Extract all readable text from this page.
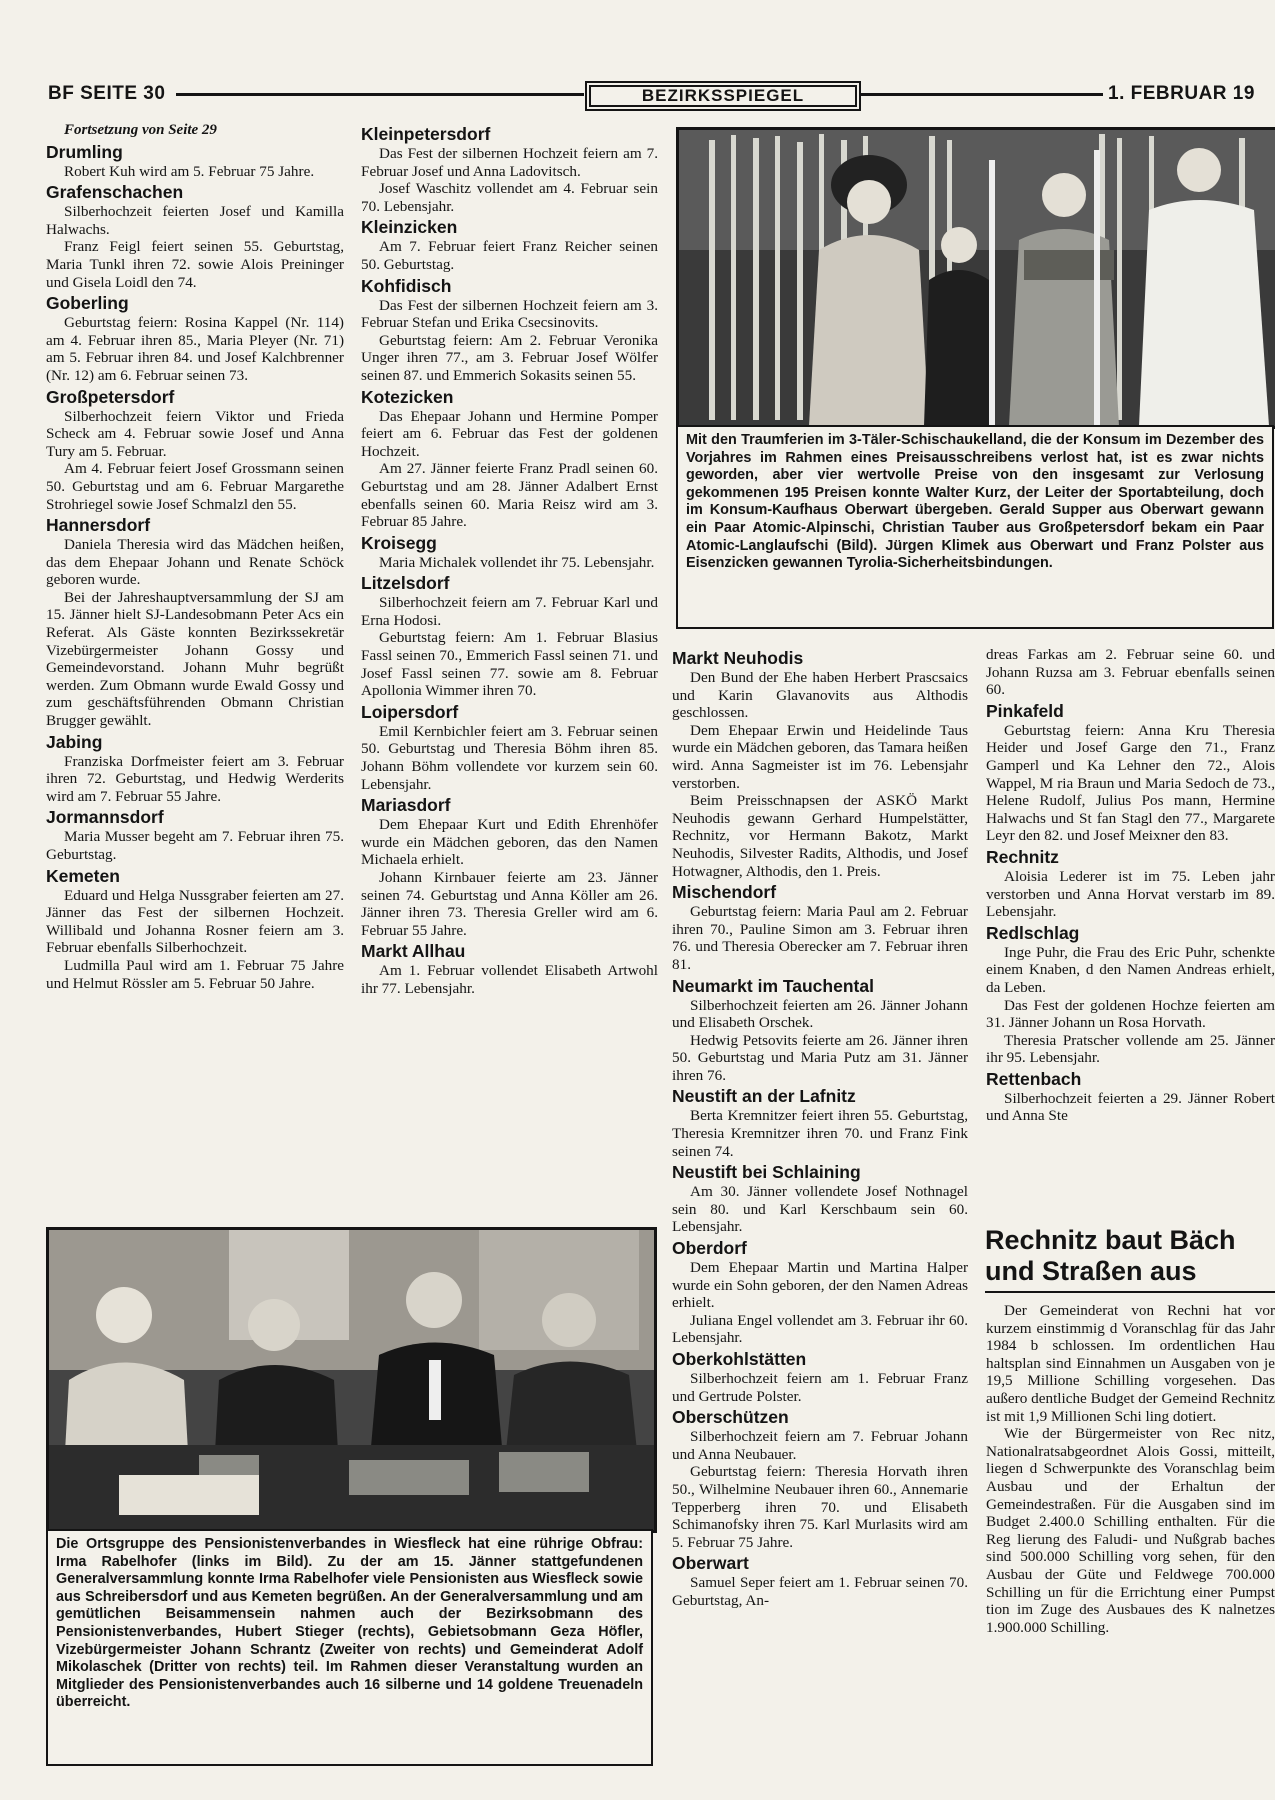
BF SEITE 30	BEZIRKSSPIEGEL	1. FEBRUAR 19

Fortsetzung von Seite 29

Drumling

Robert Kuh wird am 5. Februar 75 Jahre.

Grafenschachen

Silberhochzeit feierten Josef und Kamilla Halwachs.

Franz Feigl feiert seinen 55. Geburtstag, Maria Tunkl ihren 72. sowie Alois Preininger und Gisela Loidl den 74.

Goberling

Geburtstag feiern: Rosina Kappel (Nr. 114) am 4. Februar ihren 85., Maria Pleyer (Nr. 71) am 5. Februar ihren 84. und Josef Kalchbrenner (Nr. 12) am 6. Februar seinen 73.

Großpetersdorf

Silberhochzeit feiern Viktor und Frieda Scheck am 4. Februar sowie Josef und Anna Tury am 5. Februar.

Am 4. Februar feiert Josef Grossmann seinen 50. Geburtstag und am 6. Februar Margarethe Strohriegel sowie Josef Schmalzl den 55.

Hannersdorf

Daniela Theresia wird das Mädchen heißen, das dem Ehepaar Johann und Renate Schöck geboren wurde.

Bei der Jahreshauptversammlung der SJ am 15. Jänner hielt SJ-Landesobmann Peter Acs ein Referat. Als Gäste konnten Bezirkssekretär Vizebürgermeister Johann Gossy und Gemeindevorstand. Johann Muhr begrüßt werden. Zum Obmann wurde Ewald Gossy und zum geschäftsführenden Obmann Christian Brugger gewählt.

Jabing

Franziska Dorfmeister feiert am 3. Februar ihren 72. Geburtstag, und Hedwig Werderits wird am 7. Februar 55 Jahre.

Jormannsdorf

Maria Musser begeht am 7. Februar ihren 75. Geburtstag.

Kemeten

Eduard und Helga Nussgraber feierten am 27. Jänner das Fest der silbernen Hochzeit. Willibald und Johanna Rosner feiern am 3. Februar ebenfalls Silberhochzeit.

Ludmilla Paul wird am 1. Februar 75 Jahre und Helmut Rössler am 5. Februar 50 Jahre.

Kleinpetersdorf

Das Fest der silbernen Hochzeit feiern am 7. Februar Josef und Anna Ladovitsch.

Josef Waschitz vollendet am 4. Februar sein 70. Lebensjahr.

Kleinzicken

Am 7. Februar feiert Franz Reicher seinen 50. Geburtstag.

Kohfidisch

Das Fest der silbernen Hochzeit feiern am 3. Februar Stefan und Erika Csecsinovits.

Geburtstag feiern: Am 2. Februar Veronika Unger ihren 77., am 3. Februar Josef Wölfer seinen 87. und Emmerich Sokasits seinen 55.

Kotezicken

Das Ehepaar Johann und Hermine Pomper feiert am 6. Februar das Fest der goldenen Hochzeit.

Am 27. Jänner feierte Franz Pradl seinen 60. Geburtstag und am 28. Jänner Adalbert Ernst ebenfalls seinen 60. Maria Reisz wird am 3. Februar 85 Jahre.

Kroisegg

Maria Michalek vollendet ihr 75. Lebensjahr.

Litzelsdorf

Silberhochzeit feiern am 7. Februar Karl und Erna Hodosi.

Geburtstag feiern: Am 1. Februar Blasius Fassl seinen 70., Emmerich Fassl seinen 71. und Josef Fassl seinen 77. sowie am 8. Februar Apollonia Wimmer ihren 70.

Loipersdorf

Emil Kernbichler feiert am 3. Februar seinen 50. Geburtstag und Theresia Böhm ihren 85. Johann Böhm vollendete vor kurzem sein 60. Lebensjahr.

Mariasdorf

Dem Ehepaar Kurt und Edith Ehrenhöfer wurde ein Mädchen geboren, das den Namen Michaela erhielt.

Johann Kirnbauer feierte am 23. Jänner seinen 74. Geburtstag und Anna Köller am 26. Jänner ihren 73. Theresia Greller wird am 6. Februar 55 Jahre.

Markt Allhau

Am 1. Februar vollendet Elisabeth Artwohl ihr 77. Lebensjahr.

Mit den Traumferien im 3-Täler-Schischaukelland, die der Konsum im Dezember des Vorjahres im Rahmen eines Preisausschreibens verlost hat, ist es zwar nichts geworden, aber vier wertvolle Preise von den insgesamt zur Verlosung gekommenen 195 Preisen konnte Walter Kurz, der Leiter der Sportabteilung, doch im Konsum-Kaufhaus Oberwart übergeben. Gerald Supper aus Oberwart gewann ein Paar Atomic-Alpinschi, Christian Tauber aus Großpetersdorf bekam ein Paar Atomic-Langlaufschi (Bild). Jürgen Klimek aus Oberwart und Franz Polster aus Eisenzicken gewannen Tyrolia-Sicherheitsbindungen.
Markt Neuhodis

Den Bund der Ehe haben Herbert Prascsaics und Karin Glavanovits aus Althodis geschlossen.

Dem Ehepaar Erwin und Heidelinde Taus wurde ein Mädchen geboren, das Tamara heißen wird. Anna Sagmeister ist im 76. Lebensjahr verstorben.

Beim Preisschnapsen der ASKÖ Markt Neuhodis gewann Gerhard Humpelstätter, Rechnitz, vor Hermann Bakotz, Markt Neuhodis, Silvester Radits, Althodis, und Josef Hotwagner, Althodis, den 1. Preis.

Mischendorf

Geburtstag feiern: Maria Paul am 2. Februar ihren 70., Pauline Simon am 3. Februar ihren 76. und Theresia Oberecker am 7. Februar ihren 81.

Neumarkt im Tauchental

Silberhochzeit feierten am 26. Jänner Johann und Elisabeth Orschek.

Hedwig Petsovits feierte am 26. Jänner ihren 50. Geburtstag und Maria Putz am 31. Jänner ihren 76.

Neustift an der Lafnitz

Berta Kremnitzer feiert ihren 55. Geburtstag, Theresia Kremnitzer ihren 70. und Franz Fink seinen 74.

Neustift bei Schlaining

Am 30. Jänner vollendete Josef Nothnagel sein 80. und Karl Kerschbaum sein 60. Lebensjahr.

Oberdorf

Dem Ehepaar Martin und Martina Halper wurde ein Sohn geboren, der den Namen Adreas erhielt.

Juliana Engel vollendet am 3. Februar ihr 60. Lebensjahr.

Oberkohlstätten

Silberhochzeit feiern am 1. Februar Franz und Gertrude Polster.

Oberschützen

Silberhochzeit feiern am 7. Februar Johann und Anna Neubauer.

Geburtstag feiern: Theresia Horvath ihren 50., Wilhelmine Neubauer ihren 60., Annemarie Tepperberg ihren 70. und Elisabeth Schimanofsky ihren 75. Karl Murlasits wird am 5. Februar 75 Jahre.

Oberwart

Samuel Seper feiert am 1. Februar seinen 70. Geburtstag, An-

dreas Farkas am 2. Februar seine 60. und Johann Ruzsa am 3. Februar ebenfalls seinen 60.

Pinkafeld

Geburtstag feiern: Anna Kru Theresia Heider und Josef Garge den 71., Franz Gamperl und Ka Lehner den 72., Alois Wappel, M ria Braun und Maria Sedoch de 73., Helene Rudolf, Julius Pos mann, Hermine Halwachs und St fan Stagl den 77., Margarete Leyr den 82. und Josef Meixner den 83.

Rechnitz

Aloisia Lederer ist im 75. Leben jahr verstorben und Anna Horvat verstarb im 89. Lebensjahr.

Redlschlag

Inge Puhr, die Frau des Eric Puhr, schenkte einem Knaben, d den Namen Andreas erhielt, da Leben.

Das Fest der goldenen Hochze feierten am 31. Jänner Johann un Rosa Horvath.

Theresia Pratscher vollende am 25. Jänner ihr 95. Lebensjahr.

Rettenbach

Silberhochzeit feierten a 29. Jänner Robert und Anna Ste

Rechnitz baut Bäch
und Straßen aus

Der Gemeinderat von Rechni hat vor kurzem einstimmig d Voranschlag für das Jahr 1984 b schlossen. Im ordentlichen Hau haltsplan sind Einnahmen un Ausgaben von je 19,5 Millione Schilling vorgesehen. Das außero dentliche Budget der Gemeind Rechnitz ist mit 1,9 Millionen Schi ling dotiert.

Wie der Bürgermeister von Rec nitz, Nationalratsabgeordnet Alois Gossi, mitteilt, liegen d Schwerpunkte des Voranschlag beim Ausbau und der Erhaltun der Gemeindestraßen. Für die Ausgaben sind im Budget 2.400.0 Schilling enthalten. Für die Reg lierung des Faludi- und Nußgrab baches sind 500.000 Schilling vorg sehen, für den Ausbau der Güte und Feldwege 700.000 Schilling un für die Errichtung einer Pumpst tion im Zuge des Ausbaues des K nalnetzes 1.900.000 Schilling.

Die Ortsgruppe des Pensionistenverbandes in Wiesfleck hat eine rührige Obfrau: Irma Rabelhofer (links im Bild). Zu der am 15. Jänner stattgefundenen Generalversammlung konnte Irma Rabelhofer viele Pensionisten aus Wiesfleck sowie aus Schreibersdorf und aus Kemeten begrüßen. An der Generalversammlung und am gemütlichen Beisammensein nahmen auch der Bezirksobmann des Pensionistenverbandes, Hubert Stieger (rechts), Gebietsobmann Geza Höfler, Vizebürgermeister Johann Schrantz (Zweiter von rechts) und Gemeinderat Adolf Mikolaschek (Dritter von rechts) teil. Im Rahmen dieser Veranstaltung wurden an Mitglieder des Pensionistenverbandes auch 16 silberne und 14 goldene Treuenadeln überreicht.
